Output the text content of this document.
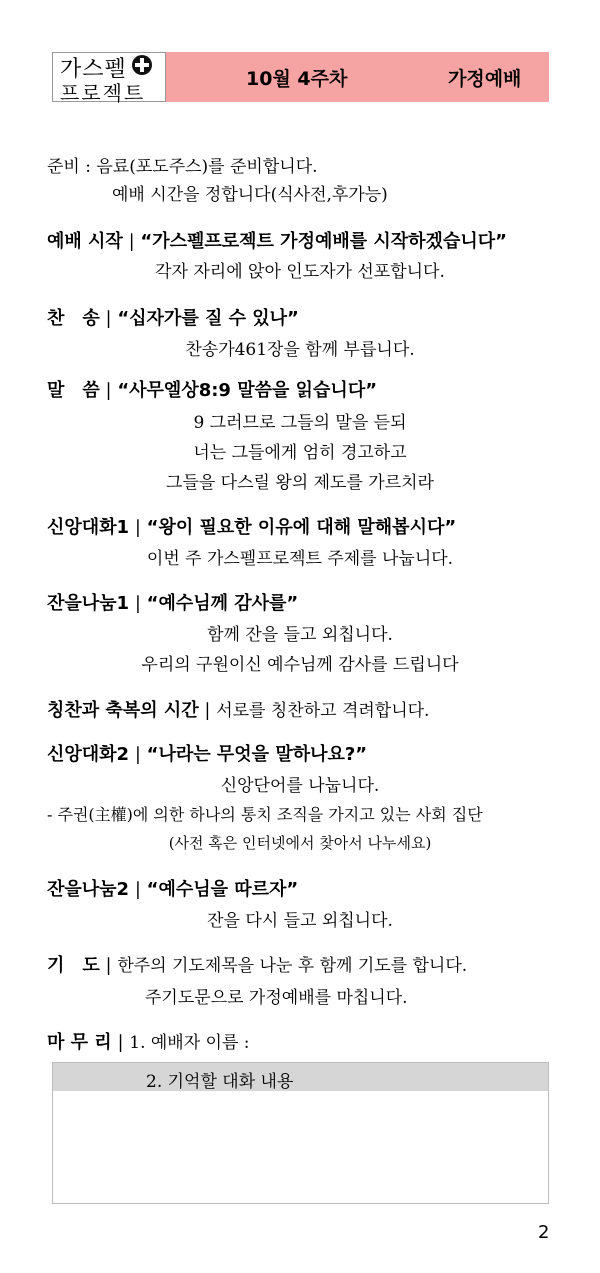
가스펠
프로젝트
10월 4주차	가정예배
준비 : 음료(포도주스)를 준비합니다.
예배 시간을 정합니다(식사전,후가능)
예배 시작 | “가스펠프로젝트 가정예배를 시작하겠습니다”
각자 자리에 앉아 인도자가 선포합니다.
찬　송 | “십자가를 질 수 있나”
찬송가461장을 함께 부릅니다.
말　씀 | “사무엘상8:9 말씀을 읽습니다”
9 그러므로 그들의 말을 듣되
너는 그들에게 엄히 경고하고
그들을 다스릴 왕의 제도를 가르치라
신앙대화1 | “왕이 필요한 이유에 대해 말해봅시다”
이번 주 가스펠프로젝트 주제를 나눕니다.
잔을나눔1 | “예수님께 감사를”
함께 잔을 들고 외칩니다.
우리의 구원이신 예수님께 감사를 드립니다
칭찬과 축복의 시간 | 서로를 칭찬하고 격려합니다.
신앙대화2 | “나라는 무엇을 말하나요?”
신앙단어를 나눕니다.
- 주권(主權)에 의한 하나의 통치 조직을 가지고 있는 사회 집단
(사전 혹은 인터넷에서 찾아서 나누세요)
잔을나눔2 | “예수님을 따르자”
잔을 다시 들고 외칩니다.
기　도 | 한주의 기도제목을 나눈 후 함께 기도를 합니다.
주기도문으로 가정예배를 마칩니다.
마 무 리 | 1. 예배자 이름 :
2. 기억할 대화 내용
2
